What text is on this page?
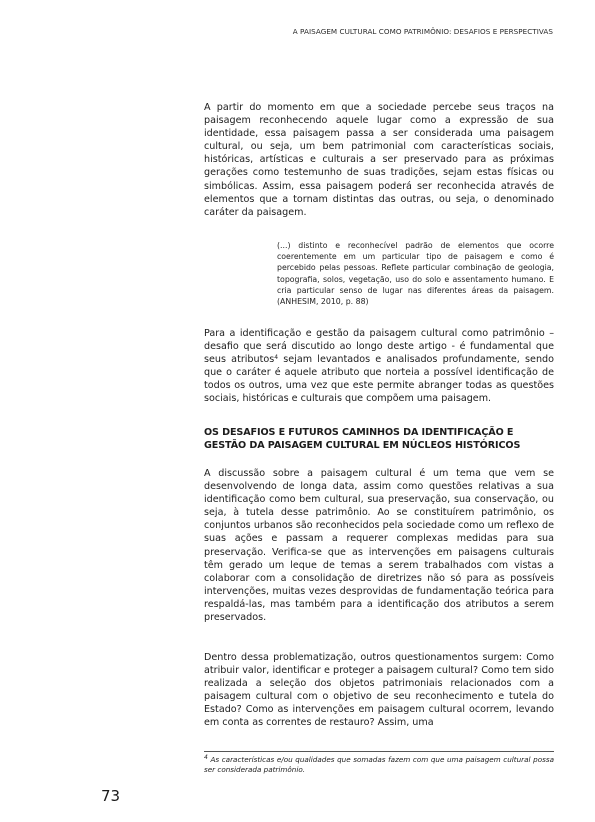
A PAISAGEM CULTURAL COMO PATRIMÔNIO: DESAFIOS E PERSPECTIVAS

A partir do momento em que a sociedade percebe seus traços na paisagem reconhecendo aquele lugar como a expressão de sua identidade, essa paisagem passa a ser considerada uma paisagem cultural, ou seja, um bem patrimonial com características sociais, históricas, artísticas e culturais a ser preservado para as próximas gerações como testemunho de suas tradições, sejam estas físicas ou simbólicas. Assim, essa paisagem poderá ser reconhecida através de elementos que a tornam distintas das outras, ou seja, o denominado caráter da paisagem.

(...) distinto e reconhecível padrão de elementos que ocorre coerentemente em um particular tipo de paisagem e como é percebido pelas pessoas. Reflete particular combinação de geologia, topografia, solos, vegetação, uso do solo e assentamento humano. E cria particular senso de lugar nas diferentes áreas da paisagem. (ANHESIM, 2010, p. 88)

Para a identificação e gestão da paisagem cultural como patrimônio – desafio que será discutido ao longo deste artigo - é fundamental que seus atributos$^4$ sejam levantados e analisados profundamente, sendo que o caráter é aquele atributo que norteia a possível identificação de todos os outros, uma vez que este permite abranger todas as questões sociais, históricas e culturais que compõem uma paisagem.

OS DESAFIOS E FUTUROS CAMINHOS DA IDENTIFICAÇÃO E GESTÃO DA PAISAGEM CULTURAL EM NÚCLEOS HISTÓRICOS

A discussão sobre a paisagem cultural é um tema que vem se desenvolvendo de longa data, assim como questões relativas a sua identificação como bem cultural, sua preservação, sua conservação, ou seja, à tutela desse patrimônio. Ao se constituírem patrimônio, os conjuntos urbanos são reconhecidos pela sociedade como um reflexo de suas ações e passam a requerer complexas medidas para sua preservação. Verifica-se que as intervenções em paisagens culturais têm gerado um leque de temas a serem trabalhados com vistas a colaborar com a consolidação de diretrizes não só para as possíveis intervenções, muitas vezes desprovidas de fundamentação teórica para respaldá-las, mas também para a identificação dos atributos a serem preservados.

Dentro dessa problematização, outros questionamentos surgem: Como atribuir valor, identificar e proteger a paisagem cultural? Como tem sido realizada a seleção dos objetos patrimoniais relacionados com a paisagem cultural com o objetivo de seu reconhecimento e tutela do Estado? Como as intervenções em paisagem cultural ocorrem, levando em conta as correntes de restauro? Assim, uma

$^4$ As características e/ou qualidades que somadas fazem com que uma paisagem cultural possa ser considerada patrimônio.
73
